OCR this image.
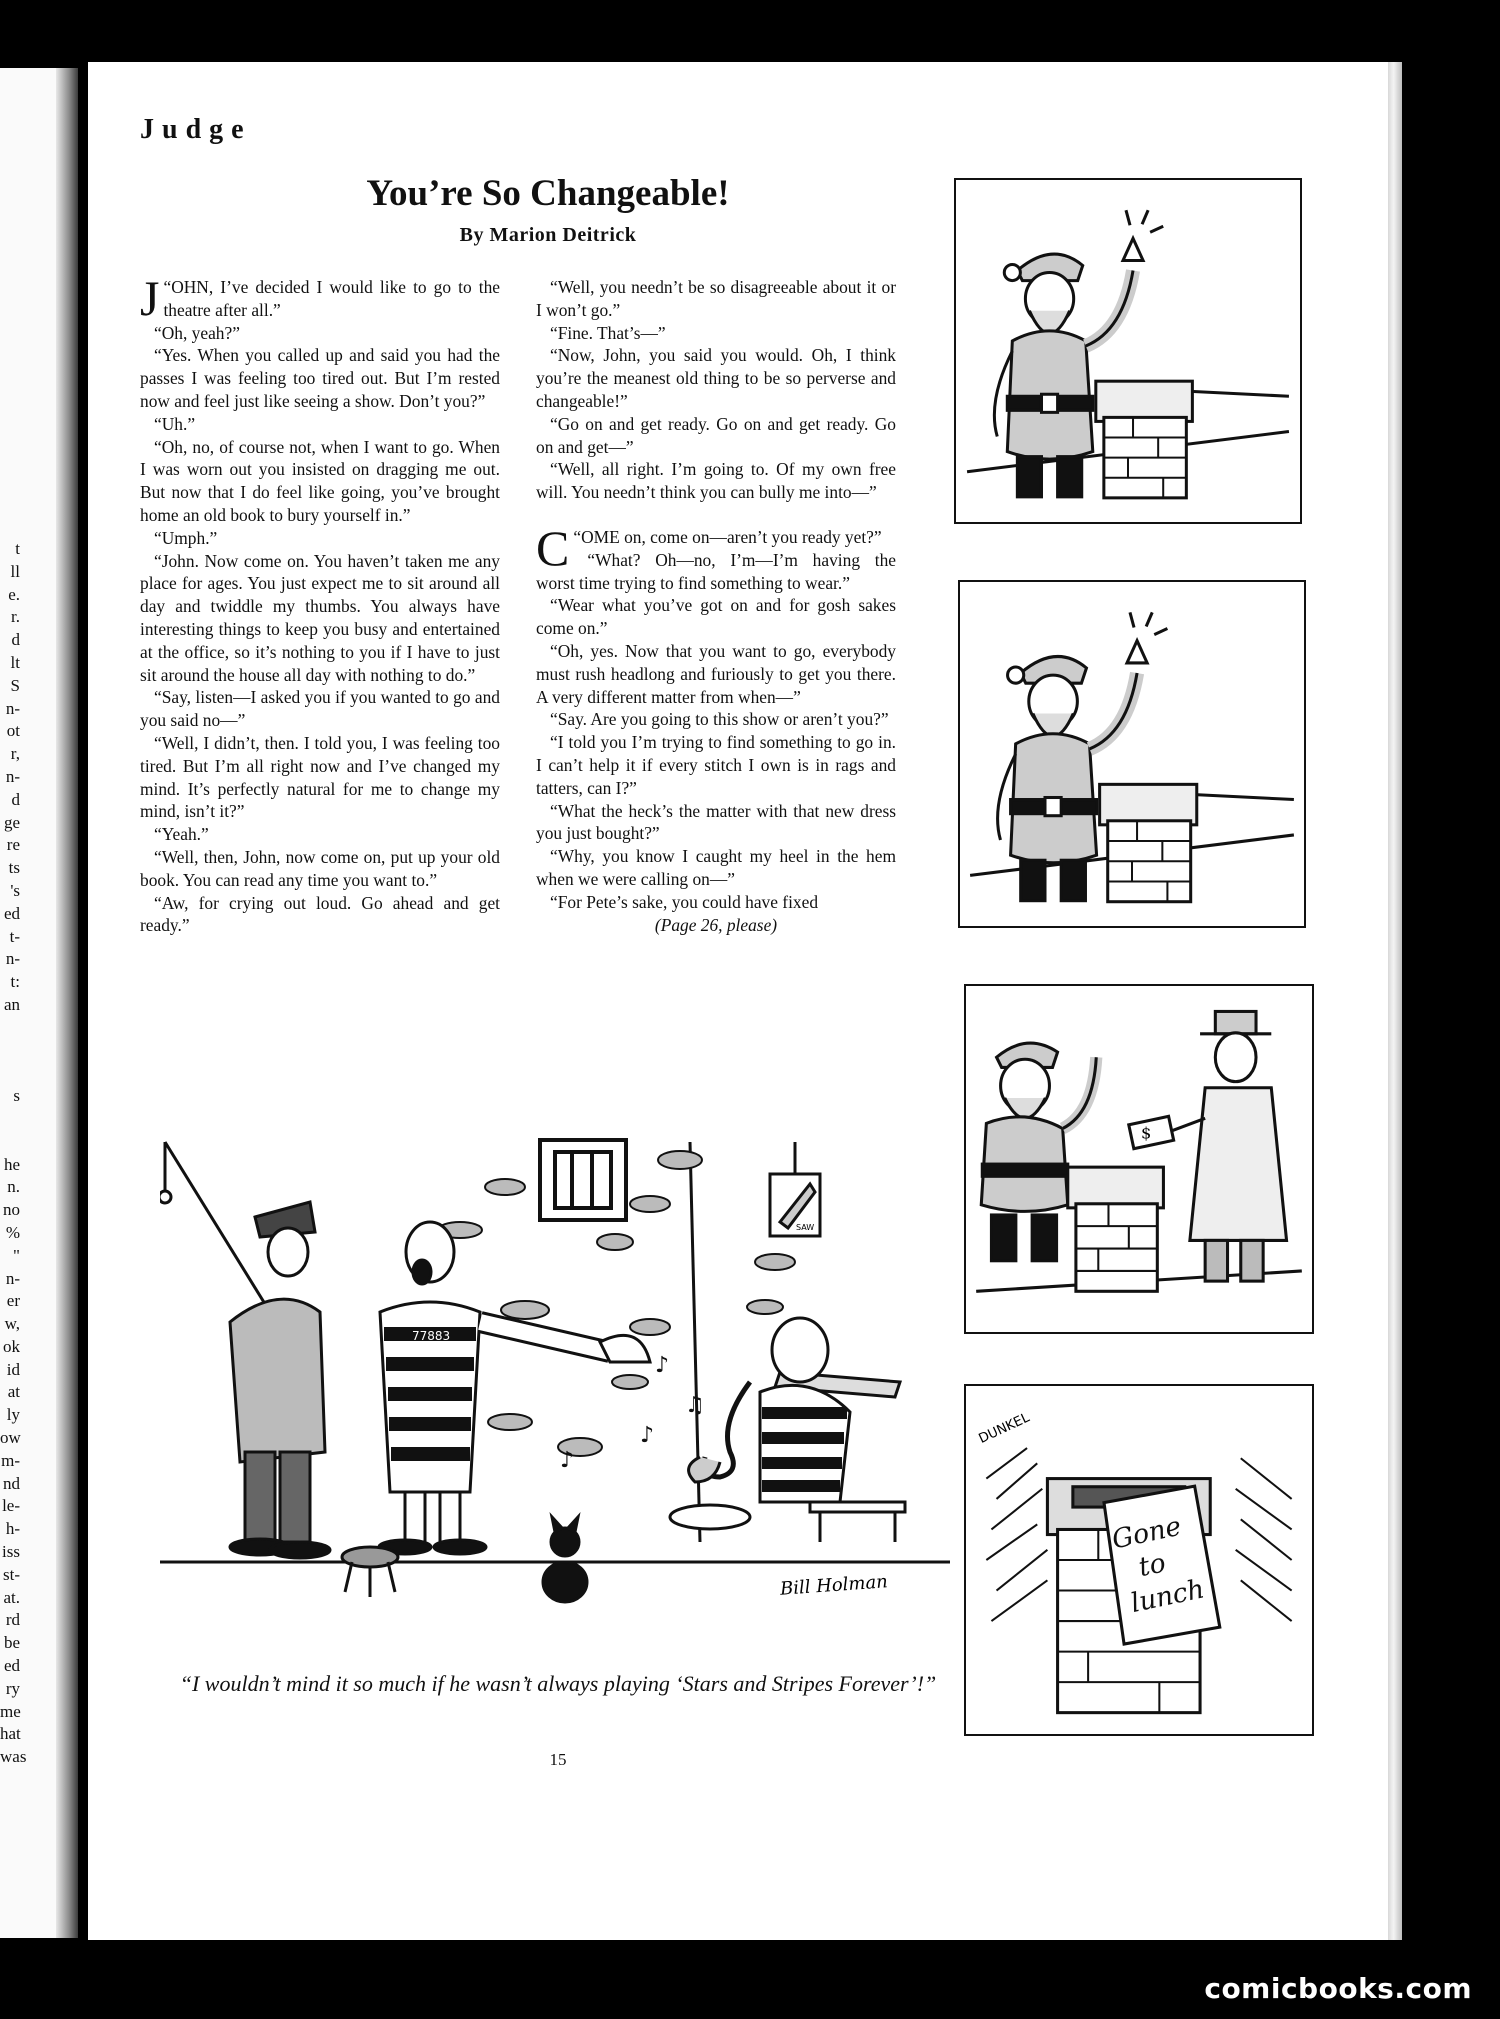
t
ll
e.
r.
d
lt
S
n-
ot
r,
n-
d
ge
re
ts
's
ed
t-
n-
t:
an

s

he
n.
no
%
"
n-
er
w,
ok
id
at
ly
ow
m-
nd
le-
h-
iss
st-
at.
rd
be
ed
ry
me
hat
was
Judge
You’re So Changeable!
By Marion Deitrick

J “OHN, I’ve decided I would like to go to the theatre after all.”

“Oh, yeah?”

“Yes. When you called up and said you had the passes I was feeling too tired out. But I’m rested now and feel just like seeing a show. Don’t you?”

“Uh.”

“Oh, no, of course not, when I want to go. When I was worn out you insisted on dragging me out. But now that I do feel like going, you’ve brought home an old book to bury yourself in.”

“Umph.”

“John. Now come on. You haven’t taken me any place for ages. You just expect me to sit around all day and twiddle my thumbs. You always have interesting things to keep you busy and entertained at the office, so it’s nothing to you if I have to just sit around the house all day with nothing to do.”

“Say, listen—I asked you if you wanted to go and you said no—”

“Well, I didn’t, then. I told you, I was feeling too tired. But I’m all right now and I’ve changed my mind. It’s perfectly natural for me to change my mind, isn’t it?”

“Yeah.”

“Well, then, John, now come on, put up your old book. You can read any time you want to.”

“Aw, for crying out loud. Go ahead and get ready.”

“Well, you needn’t be so disagreeable about it or I won’t go.”

“Fine. That’s—”

“Now, John, you said you would. Oh, I think you’re the meanest old thing to be so perverse and changeable!”

“Go on and get ready. Go on and get ready. Go on and get—”

“Well, all right. I’m going to. Of my own free will. You needn’t think you can bully me into—”

C “OME on, come on—aren’t you ready yet?”

“What? Oh—no, I’m—I’m having the worst time trying to find something to wear.”

“Wear what you’ve got on and for gosh sakes come on.”

“Oh, yes. Now that you want to go, everybody must rush headlong and furiously to get you there. A very different matter from when—”

“Say. Are you going to this show or aren’t you?”

“I told you I’m trying to find something to go in. I can’t help it if every stitch I own is in rags and tatters, can I?”

“What the heck’s the matter with that new dress you just bought?”

“Why, you know I caught my heel in the hem when we were calling on—”

“For Pete’s sake, you could have fixed

(Page 26, please)

$
Gone
to
lunch
DUNKEL
SAW
77883
♪
♫
♪
♪
Bill Holman
“I wouldn’t mind it so much if he wasn’t always playing ‘Stars and Stripes Forever’!”
15
comicbooks.com
